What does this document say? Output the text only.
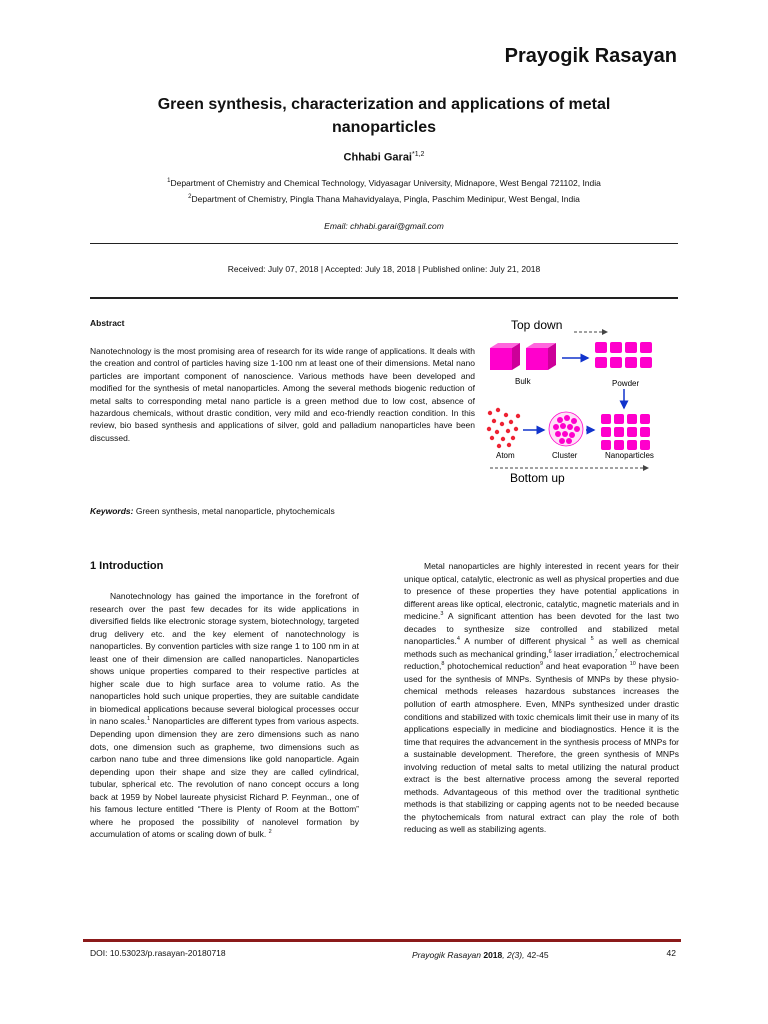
Prayogik Rasayan
Green synthesis, characterization and applications of metal
nanoparticles
Chhabi Garai$^{*1,2}$
$^1$Department of Chemistry and Chemical Technology, Vidyasagar University, Midnapore, West Bengal 721102, India
$^2$Department of Chemistry, Pingla Thana Mahavidyalaya, Pingla, Paschim Medinipur, West Bengal, India
Email: chhabi.garai@gmail.com
Received: July 07, 2018 | Accepted: July 18, 2018 | Published online: July 21, 2018
Abstract
Nanotechnology is the most promising area of research for its wide range of applications. It deals with the creation and control of particles having size 1-100 nm at least one of their dimensions. Metal nano particles are important component of nanoscience. Various methods have been developed and modified for the synthesis of metal nanoparticles. Among the several methods biogenic reduction of metal salts to corresponding metal nano particle is a green method due to low cost, absence of hazardous chemicals, without drastic condition, very mild and eco-friendly reaction condition. In this review, bio based synthesis and applications of silver, gold and palladium nanoparticles have been discussed.
Top down
Bulk	Powder
Atom	Cluster	Nanoparticles
Bottom up
Keywords: Green synthesis, metal nanoparticle, phytochemicals
1 Introduction
Nanotechnology has gained the importance in the forefront of research over the past few decades for its wide applications in diversified fields like electronic storage system, biotechnology, targeted drug delivery etc. and the key element of nanotechnology is nanoparticles. By convention particles with size range 1 to 100 nm in at least one of their dimension are called nanoparticles. Nanoparticles shows unique properties compared to their respective particles at higher scale due to high surface area to volume ratio. As the nanoparticles hold such unique properties, they are suitable candidate in biomedical applications because several biological processes occur in nano scales.$^1$ Nanoparticles are different types from various aspects. Depending upon dimension they are zero dimensions such as nano dots, one dimension such as grapheme, two dimensions such as carbon nano tube and three dimensions like gold nanoparticle. Again depending upon their shape and size they are called cylindrical, tubular, spherical etc. The revolution of nano concept occurs a long back at 1959 by Nobel laureate physicist Richard P. Feynman., one of his famous lecture entitled “There is Plenty of Room at the Bottom” where he proposed the possibility of nanolevel formation by accumulation of atoms or scaling down of bulk. $^2$
Metal nanoparticles are highly interested in recent years for their unique optical, catalytic, electronic as well as physical properties and due to presence of these properties they have potential applications in different areas like optical, electronic, catalytic, magnetic materials and in medicine.$^3$ A significant attention has been devoted for the last two decades to synthesize size controlled and stabilized metal nanoparticles.$^4$ A number of different physical $^5$ as well as chemical methods such as mechanical grinding,$^6$ laser irradiation,$^7$ electrochemical reduction,$^8$ photochemical reduction$^9$ and heat evaporation $^{10}$ have been used for the synthesis of MNPs. Synthesis of MNPs by these physio-chemical methods releases hazardous substances increases the pollution of earth atmosphere. Even, MNPs synthesized under drastic conditions and stabilized with toxic chemicals limit their use in many of its applications especially in medicine and biodiagnostics. Hence it is the time that requires the advancement in the synthesis process of MNPs for a sustainable development. Therefore, the green synthesis of MNPs involving reduction of metal salts to metal utilizing the natural product extract is the best alternative process among the several reported methods. Advantageous of this method over the traditional synthetic methods is that stabilizing or capping agents not to be needed because the phytochemicals from natural extract can play the role of both reducing as well as stabilizing agents.
DOI: 10.53023/p.rasayan-20180718	Prayogik Rasayan 2018, 2(3), 42-45	42
